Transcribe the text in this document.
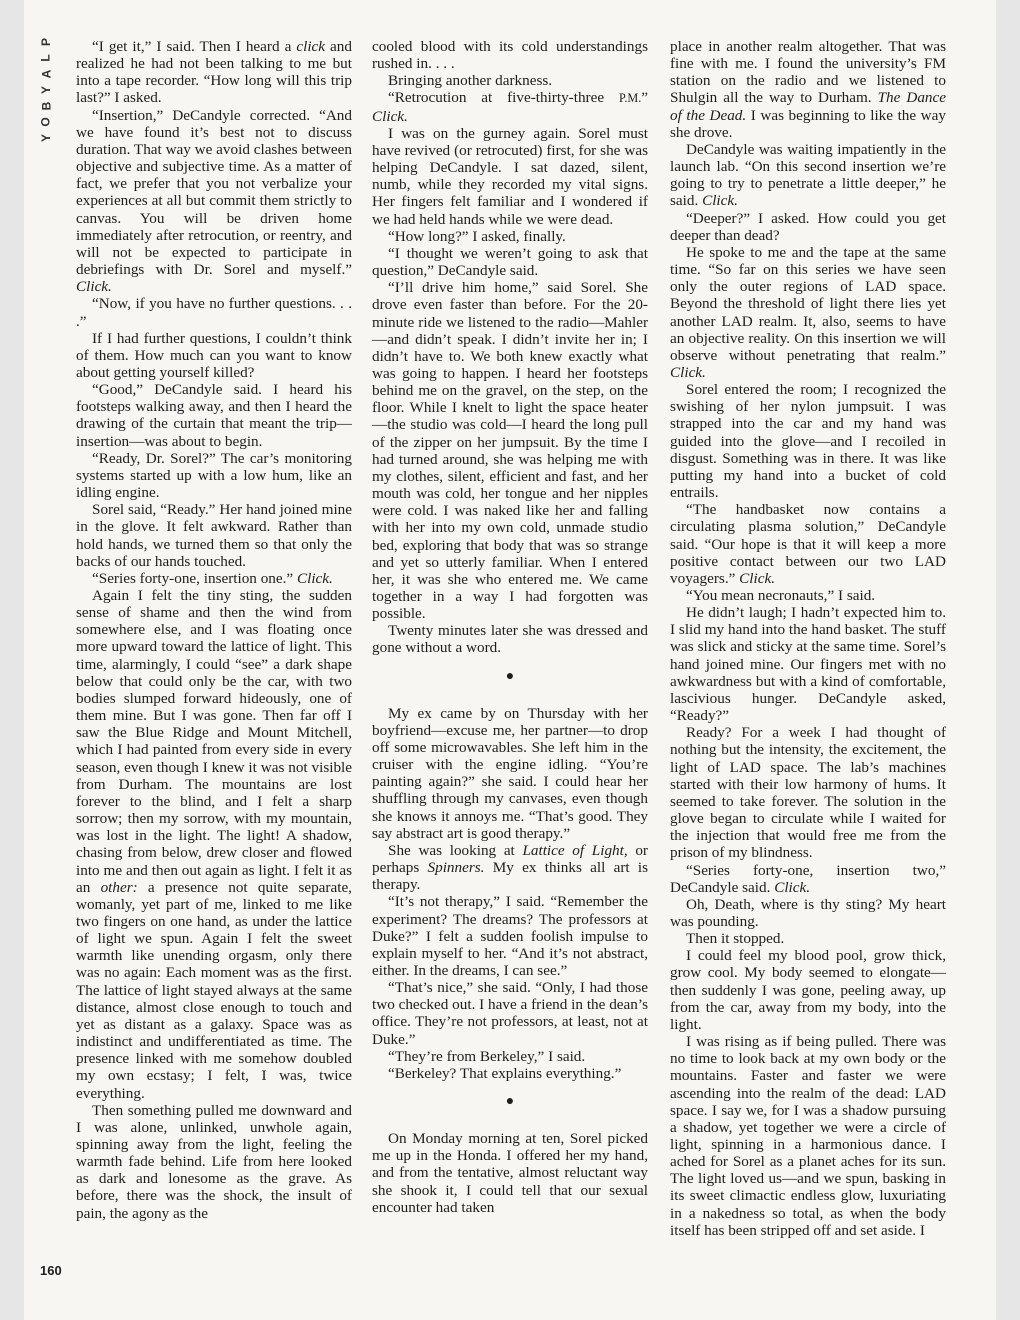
P
L
A
Y
B
O
Y

“I get it,” I said. Then I heard a click and realized he had not been talking to me but into a tape recorder. “How long will this trip last?” I asked.

“Insertion,” DeCandyle corrected. “And we have found it’s best not to discuss duration. That way we avoid clashes between objective and subjective time. As a matter of fact, we prefer that you not verbalize your experiences at all but commit them strictly to canvas. You will be driven home immediately after retrocution, or reentry, and will not be expected to participate in debriefings with Dr. Sorel and myself.” Click.

“Now, if you have no further questions. . . .”

If I had further questions, I couldn’t think of them. How much can you want to know about getting yourself killed?

“Good,” DeCandyle said. I heard his footsteps walking away, and then I heard the drawing of the curtain that meant the trip—insertion—was about to begin.

“Ready, Dr. Sorel?” The car’s monitoring systems started up with a low hum, like an idling engine.

Sorel said, “Ready.” Her hand joined mine in the glove. It felt awkward. Rather than hold hands, we turned them so that only the backs of our hands touched.

“Series forty-one, insertion one.” Click.

Again I felt the tiny sting, the sudden sense of shame and then the wind from somewhere else, and I was floating once more upward toward the lattice of light. This time, alarmingly, I could “see” a dark shape below that could only be the car, with two bodies slumped forward hideously, one of them mine. But I was gone. Then far off I saw the Blue Ridge and Mount Mitchell, which I had painted from every side in every season, even though I knew it was not visible from Durham. The mountains are lost forever to the blind, and I felt a sharp sorrow; then my sorrow, with my mountain, was lost in the light. The light! A shadow, chasing from below, drew closer and flowed into me and then out again as light. I felt it as an other: a presence not quite separate, womanly, yet part of me, linked to me like two fingers on one hand, as under the lattice of light we spun. Again I felt the sweet warmth like unending orgasm, only there was no again: Each moment was as the first. The lattice of light stayed always at the same distance, almost close enough to touch and yet as distant as a galaxy. Space was as indistinct and undifferentiated as time. The presence linked with me somehow doubled my own ecstasy; I felt, I was, twice everything.

Then something pulled me downward and I was alone, unlinked, unwhole again, spinning away from the light, feeling the warmth fade behind. Life from here looked as dark and lonesome as the grave. As before, there was the shock, the insult of pain, the agony as the

cooled blood with its cold understandings rushed in. . . .

Bringing another darkness.

“Retrocution at five-thirty-three P.M.” Click.

I was on the gurney again. Sorel must have revived (or retrocuted) first, for she was helping DeCandyle. I sat dazed, silent, numb, while they recorded my vital signs. Her fingers felt familiar and I wondered if we had held hands while we were dead.

“How long?” I asked, finally.

“I thought we weren’t going to ask that question,” DeCandyle said.

“I’ll drive him home,” said Sorel. She drove even faster than before. For the 20-minute ride we listened to the radio—Mahler—and didn’t speak. I didn’t invite her in; I didn’t have to. We both knew exactly what was going to happen. I heard her footsteps behind me on the gravel, on the step, on the floor. While I knelt to light the space heater—the studio was cold—I heard the long pull of the zipper on her jumpsuit. By the time I had turned around, she was helping me with my clothes, silent, efficient and fast, and her mouth was cold, her tongue and her nipples were cold. I was naked like her and falling with her into my own cold, unmade studio bed, exploring that body that was so strange and yet so utterly familiar. When I entered her, it was she who entered me. We came together in a way I had forgotten was possible.

Twenty minutes later she was dressed and gone without a word.

●

My ex came by on Thursday with her boyfriend—excuse me, her partner—to drop off some microwavables. She left him in the cruiser with the engine idling. “You’re painting again?” she said. I could hear her shuffling through my canvases, even though she knows it annoys me. “That’s good. They say abstract art is good therapy.”

She was looking at Lattice of Light, or perhaps Spinners. My ex thinks all art is therapy.

“It’s not therapy,” I said. “Remember the experiment? The dreams? The professors at Duke?” I felt a sudden foolish impulse to explain myself to her. “And it’s not abstract, either. In the dreams, I can see.”

“That’s nice,” she said. “Only, I had those two checked out. I have a friend in the dean’s office. They’re not professors, at least, not at Duke.”

“They’re from Berkeley,” I said.

“Berkeley? That explains everything.”

●

On Monday morning at ten, Sorel picked me up in the Honda. I offered her my hand, and from the tentative, almost reluctant way she shook it, I could tell that our sexual encounter had taken

place in another realm altogether. That was fine with me. I found the university’s FM station on the radio and we listened to Shulgin all the way to Durham. The Dance of the Dead. I was beginning to like the way she drove.

DeCandyle was waiting impatiently in the launch lab. “On this second insertion we’re going to try to penetrate a little deeper,” he said. Click.

“Deeper?” I asked. How could you get deeper than dead?

He spoke to me and the tape at the same time. “So far on this series we have seen only the outer regions of LAD space. Beyond the threshold of light there lies yet another LAD realm. It, also, seems to have an objective reality. On this insertion we will observe without penetrating that realm.” Click.

Sorel entered the room; I recognized the swishing of her nylon jumpsuit. I was strapped into the car and my hand was guided into the glove—and I recoiled in disgust. Something was in there. It was like putting my hand into a bucket of cold entrails.

“The handbasket now contains a circulating plasma solution,” DeCandyle said. “Our hope is that it will keep a more positive contact between our two LAD voyagers.” Click.

“You mean necronauts,” I said.

He didn’t laugh; I hadn’t expected him to. I slid my hand into the hand basket. The stuff was slick and sticky at the same time. Sorel’s hand joined mine. Our fingers met with no awkwardness but with a kind of comfortable, lascivious hunger. DeCandyle asked, “Ready?”

Ready? For a week I had thought of nothing but the intensity, the excitement, the light of LAD space. The lab’s machines started with their low harmony of hums. It seemed to take forever. The solution in the glove began to circulate while I waited for the injection that would free me from the prison of my blindness.

“Series forty-one, insertion two,” DeCandyle said. Click.

Oh, Death, where is thy sting? My heart was pounding.

Then it stopped.

I could feel my blood pool, grow thick, grow cool. My body seemed to elongate—then suddenly I was gone, peeling away, up from the car, away from my body, into the light.

I was rising as if being pulled. There was no time to look back at my own body or the mountains. Faster and faster we were ascending into the realm of the dead: LAD space. I say we, for I was a shadow pursuing a shadow, yet together we were a circle of light, spinning in a harmonious dance. I ached for Sorel as a planet aches for its sun. The light loved us—and we spun, basking in its sweet climactic endless glow, luxuriating in a nakedness so total, as when the body itself has been stripped off and set aside. I

160
